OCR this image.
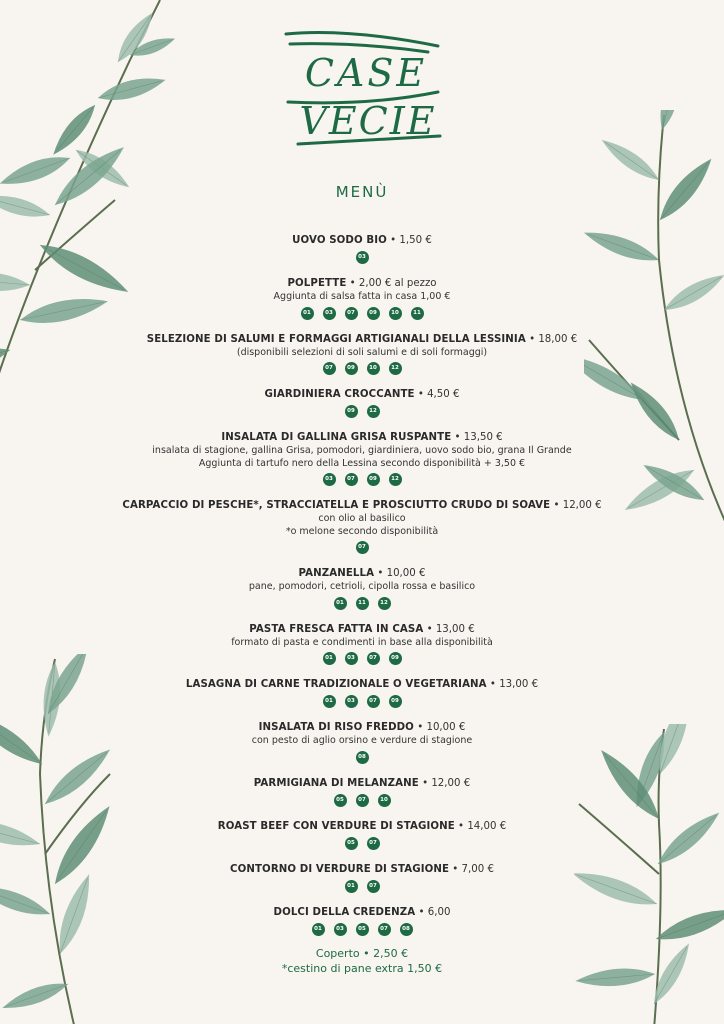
CASE
VECIE
MENÙ
UOVO SODO BIO • 1,50 €
03
POLPETTE • 2,00 € al pezzo
Aggiunta di salsa fatta in casa 1,00 €
01	03	07	09	10	11
SELEZIONE DI SALUMI E FORMAGGI ARTIGIANALI DELLA LESSINIA • 18,00 €
(disponibili selezioni di soli salumi e di soli formaggi)
07	09	10	12
GIARDINIERA CROCCANTE • 4,50 €
09	12
INSALATA DI GALLINA GRISA RUSPANTE • 13,50 €
insalata di stagione, gallina Grisa, pomodori, giardiniera, uovo sodo bio, grana Il Grande
Aggiunta di tartufo nero della Lessina secondo disponibilità + 3,50 €
03	07	09	12
CARPACCIO DI PESCHE*, STRACCIATELLA E PROSCIUTTO CRUDO DI SOAVE • 12,00 €
con olio al basilico
*o melone secondo disponibilità
07
PANZANELLA • 10,00 €
pane, pomodori, cetrioli, cipolla rossa e basilico
01	11	12
PASTA FRESCA FATTA IN CASA • 13,00 €
formato di pasta e condimenti in base alla disponibilità
01	03	07	09
LASAGNA DI CARNE TRADIZIONALE O VEGETARIANA • 13,00 €
01	03	07	09
INSALATA DI RISO FREDDO • 10,00 €
con pesto di aglio orsino e verdure di stagione
08
PARMIGIANA DI MELANZANE • 12,00 €
05	07	10
ROAST BEEF CON VERDURE DI STAGIONE • 14,00 €
05	07
CONTORNO DI VERDURE DI STAGIONE • 7,00 €
01	07
DOLCI DELLA CREDENZA • 6,00
01	03	05	07	08
Coperto • 2,50 €
*cestino di pane extra 1,50 €
